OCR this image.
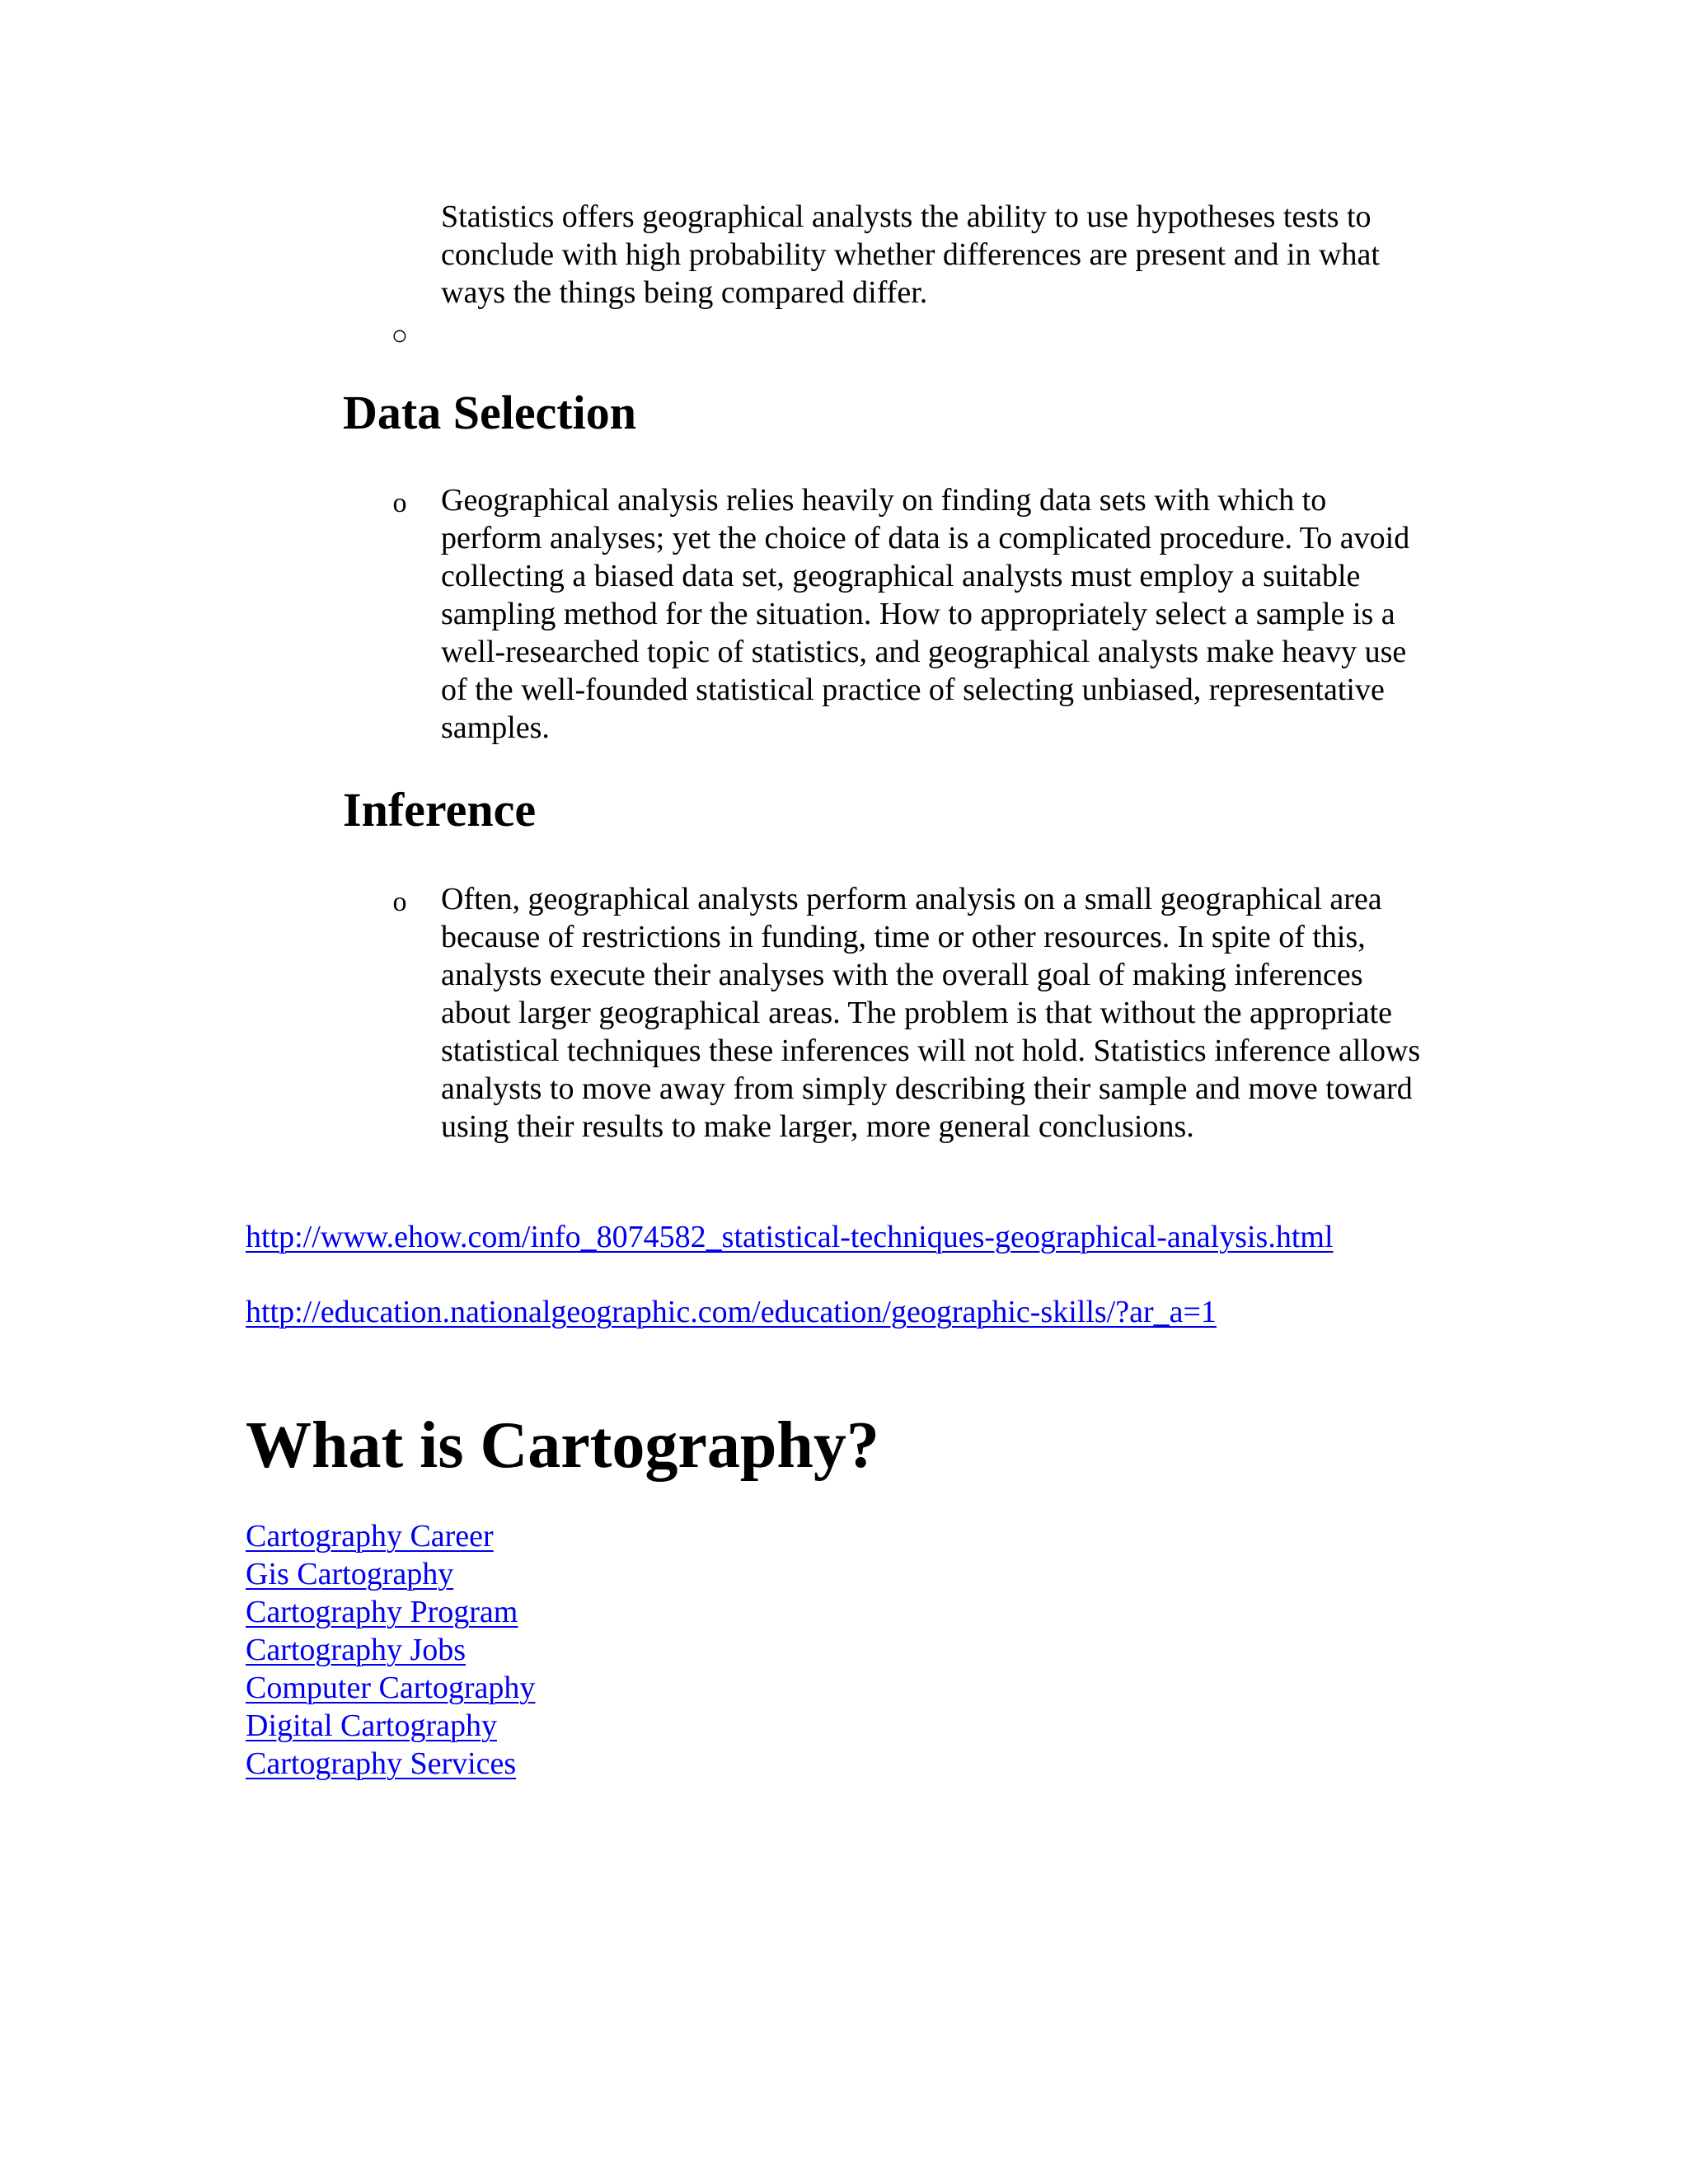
Statistics offers geographical analysts the ability to use hypotheses tests to conclude with high probability whether differences are present and in what ways the things being compared differ.

○
Data Selection
o Geographical analysis relies heavily on finding data sets with which to perform analyses; yet the choice of data is a complicated procedure. To avoid collecting a biased data set, geographical analysts must employ a suitable sampling method for the situation. How to appropriately select a sample is a well-researched topic of statistics, and geographical analysts make heavy use of the well-founded statistical practice of selecting unbiased, representative samples.

Inference
o Often, geographical analysts perform analysis on a small geographical area because of restrictions in funding, time or other resources. In spite of this, analysts execute their analyses with the overall goal of making inferences about larger geographical areas. The problem is that without the appropriate statistical techniques these inferences will not hold. Statistics inference allows analysts to move away from simply describing their sample and move toward using their results to make larger, more general conclusions.

http://www.ehow.com/info_8074582_statistical-techniques-geographical-analysis.html

http://education.nationalgeographic.com/education/geographic-skills/?ar_a=1

What is Cartography?
Cartography Career
Gis Cartography
Cartography Program
Cartography Jobs
Computer Cartography
Digital Cartography
Cartography Services
